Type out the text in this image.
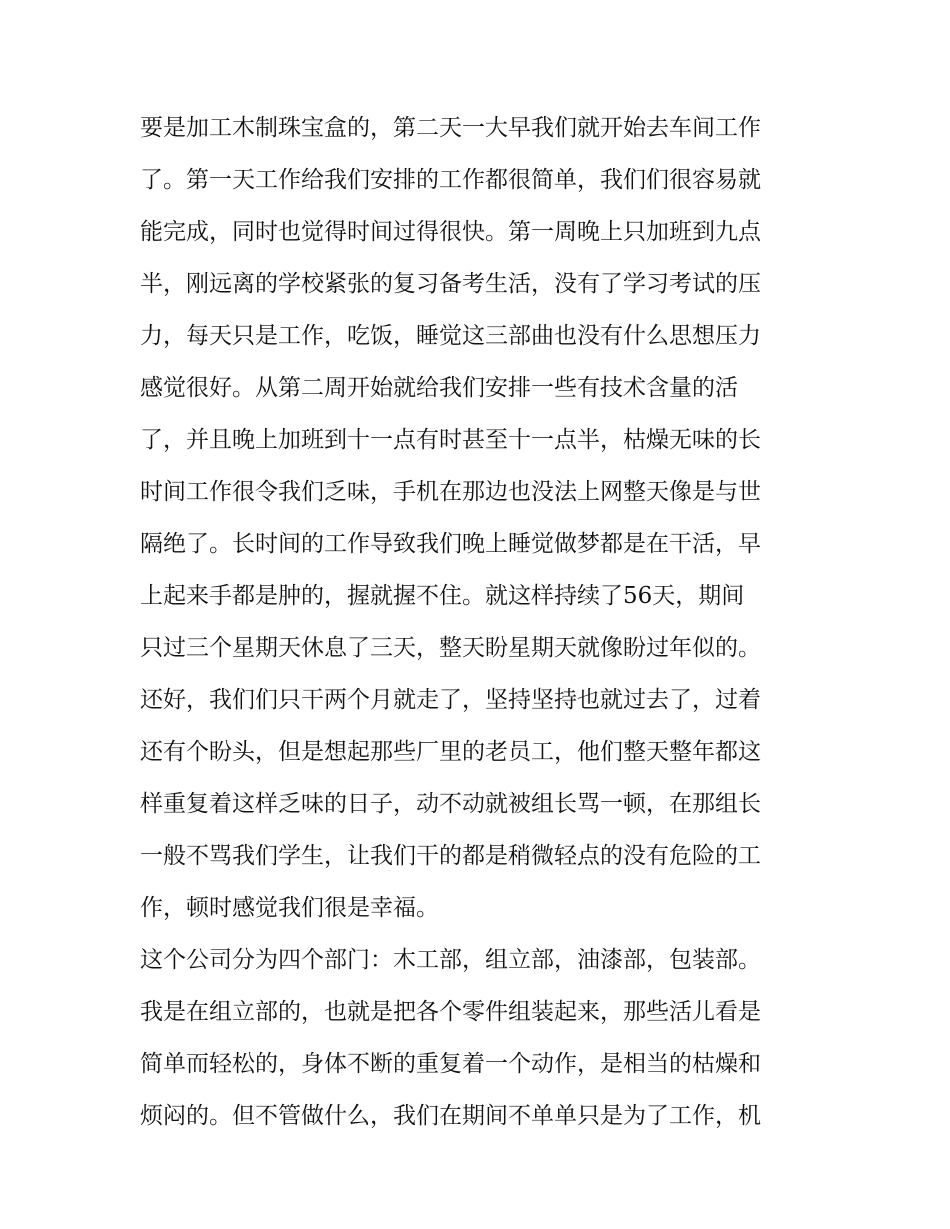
要是加工木制珠宝盒的，第二天一大早我们就开始去车间工作
了。第一天工作给我们安排的工作都很简单，我们们很容易就
能完成，同时也觉得时间过得很快。第一周晚上只加班到九点
半，刚远离的学校紧张的复习备考生活，没有了学习考试的压
力，每天只是工作，吃饭，睡觉这三部曲也没有什么思想压力
感觉很好。从第二周开始就给我们安排一些有技术含量的活
了，并且晚上加班到十一点有时甚至十一点半，枯燥无味的长
时间工作很令我们乏味，手机在那边也没法上网整天像是与世
隔绝了。长时间的工作导致我们晚上睡觉做梦都是在干活，早
上起来手都是肿的，握就握不住。就这样持续了56天，期间
只过三个星期天休息了三天，整天盼星期天就像盼过年似的。
还好，我们们只干两个月就走了，坚持坚持也就过去了，过着
还有个盼头，但是想起那些厂里的老员工，他们整天整年都这
样重复着这样乏味的日子，动不动就被组长骂一顿，在那组长
一般不骂我们学生，让我们干的都是稍微轻点的没有危险的工
作，顿时感觉我们很是幸福。
这个公司分为四个部门：木工部，组立部，油漆部，包装部。
我是在组立部的，也就是把各个零件组装起来，那些活儿看是
简单而轻松的，身体不断的重复着一个动作，是相当的枯燥和
烦闷的。但不管做什么，我们在期间不单单只是为了工作，机
